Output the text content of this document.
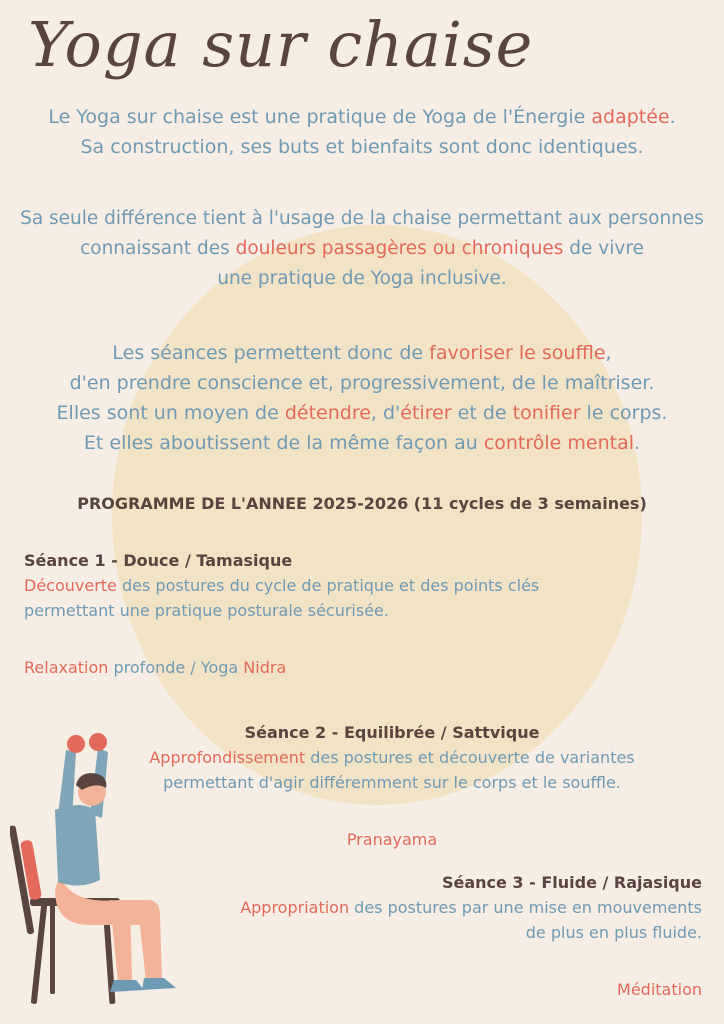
Yoga sur chaise
Le Yoga sur chaise est une pratique de Yoga de l'Énergie adaptée.
Sa construction, ses buts et bienfaits sont donc identiques.
Sa seule différence tient à l'usage de la chaise permettant aux personnes
connaissant des douleurs passagères ou chroniques de vivre
une pratique de Yoga inclusive.
Les séances permettent donc de favoriser le souffle,
d'en prendre conscience et, progressivement, de le maîtriser.
Elles sont un moyen de détendre, d'étirer et de tonifier le corps.
Et elles aboutissent de la même façon au contrôle mental.
PROGRAMME DE L'ANNEE 2025-2026 (11 cycles de 3 semaines)
Séance 1 - Douce / Tamasique
Découverte des postures du cycle de pratique et des points clés
permettant une pratique posturale sécurisée.
Relaxation profonde / Yoga Nidra
Séance 2 - Equilibrée / Sattvique
Approfondissement des postures et découverte de variantes
permettant d'agir différemment sur le corps et le souffle.
Pranayama
Séance 3 - Fluide / Rajasique
Appropriation des postures par une mise en mouvements
de plus en plus fluide.
Méditation
